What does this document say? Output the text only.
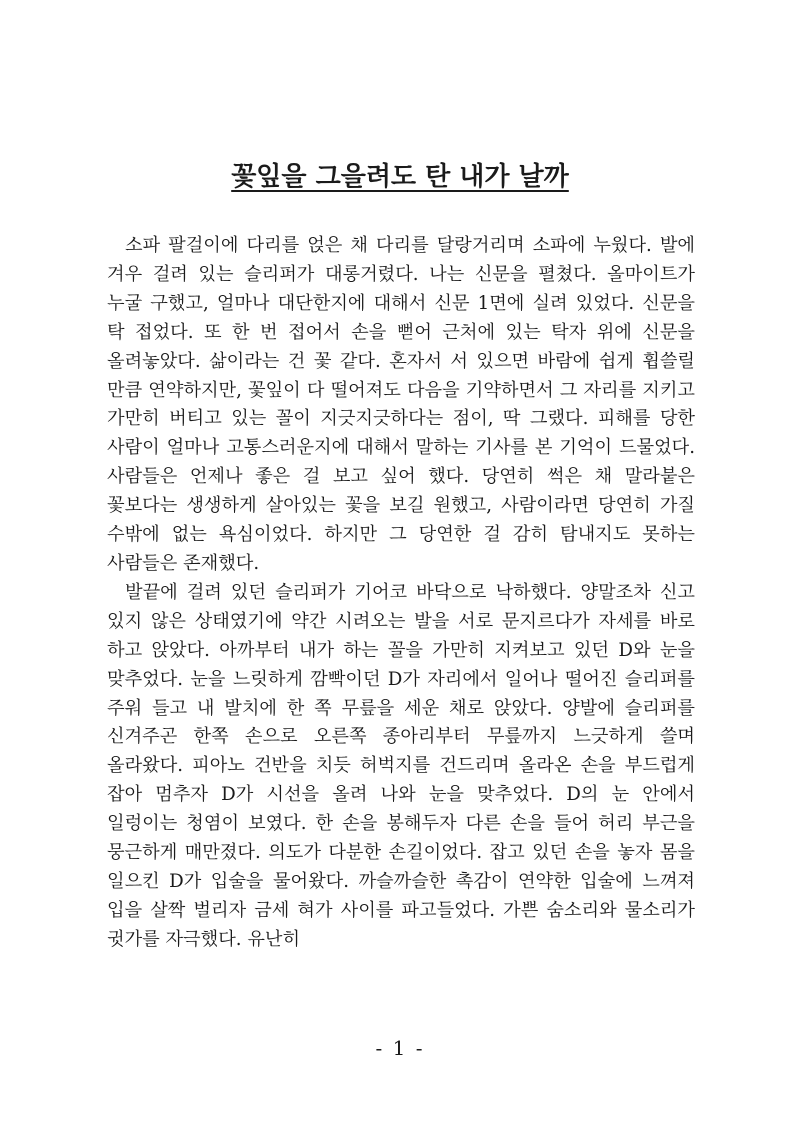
꽃잎을 그을려도 탄 내가 날까

소파 팔걸이에 다리를 얹은 채 다리를 달랑거리며 소파에 누웠다. 발에 겨우 걸려 있는 슬리퍼가 대롱거렸다. 나는 신문을 펼쳤다. 올마이트가 누굴 구했고, 얼마나 대단한지에 대해서 신문 1면에 실려 있었다. 신문을 탁 접었다. 또 한 번 접어서 손을 뻗어 근처에 있는 탁자 위에 신문을 올려놓았다. 삶이라는 건 꽃 같다. 혼자서 서 있으면 바람에 쉽게 휩쓸릴 만큼 연약하지만, 꽃잎이 다 떨어져도 다음을 기약하면서 그 자리를 지키고 가만히 버티고 있는 꼴이 지긋지긋하다는 점이, 딱 그랬다. 피해를 당한 사람이 얼마나 고통스러운지에 대해서 말하는 기사를 본 기억이 드물었다. 사람들은 언제나 좋은 걸 보고 싶어 했다. 당연히 썩은 채 말라붙은 꽃보다는 생생하게 살아있는 꽃을 보길 원했고, 사람이라면 당연히 가질 수밖에 없는 욕심이었다. 하지만 그 당연한 걸 감히 탐내지도 못하는 사람들은 존재했다.

발끝에 걸려 있던 슬리퍼가 기어코 바닥으로 낙하했다. 양말조차 신고 있지 않은 상태였기에 약간 시려오는 발을 서로 문지르다가 자세를 바로 하고 앉았다. 아까부터 내가 하는 꼴을 가만히 지켜보고 있던 D와 눈을 맞추었다. 눈을 느릿하게 깜빡이던 D가 자리에서 일어나 떨어진 슬리퍼를 주워 들고 내 발치에 한 쪽 무릎을 세운 채로 앉았다. 양발에 슬리퍼를 신겨주곤 한쪽 손으로 오른쪽 종아리부터 무릎까지 느긋하게 쓸며 올라왔다. 피아노 건반을 치듯 허벅지를 건드리며 올라온 손을 부드럽게 잡아 멈추자 D가 시선을 올려 나와 눈을 맞추었다. D의 눈 안에서 일렁이는 청염이 보였다. 한 손을 봉해두자 다른 손을 들어 허리 부근을 뭉근하게 매만졌다. 의도가 다분한 손길이었다. 잡고 있던 손을 놓자 몸을 일으킨 D가 입술을 물어왔다. 까슬까슬한 촉감이 연약한 입술에 느껴져 입을 살짝 벌리자 금세 혀가 사이를 파고들었다. 가쁜 숨소리와 물소리가 귓가를 자극했다. 유난히

- 1 -
